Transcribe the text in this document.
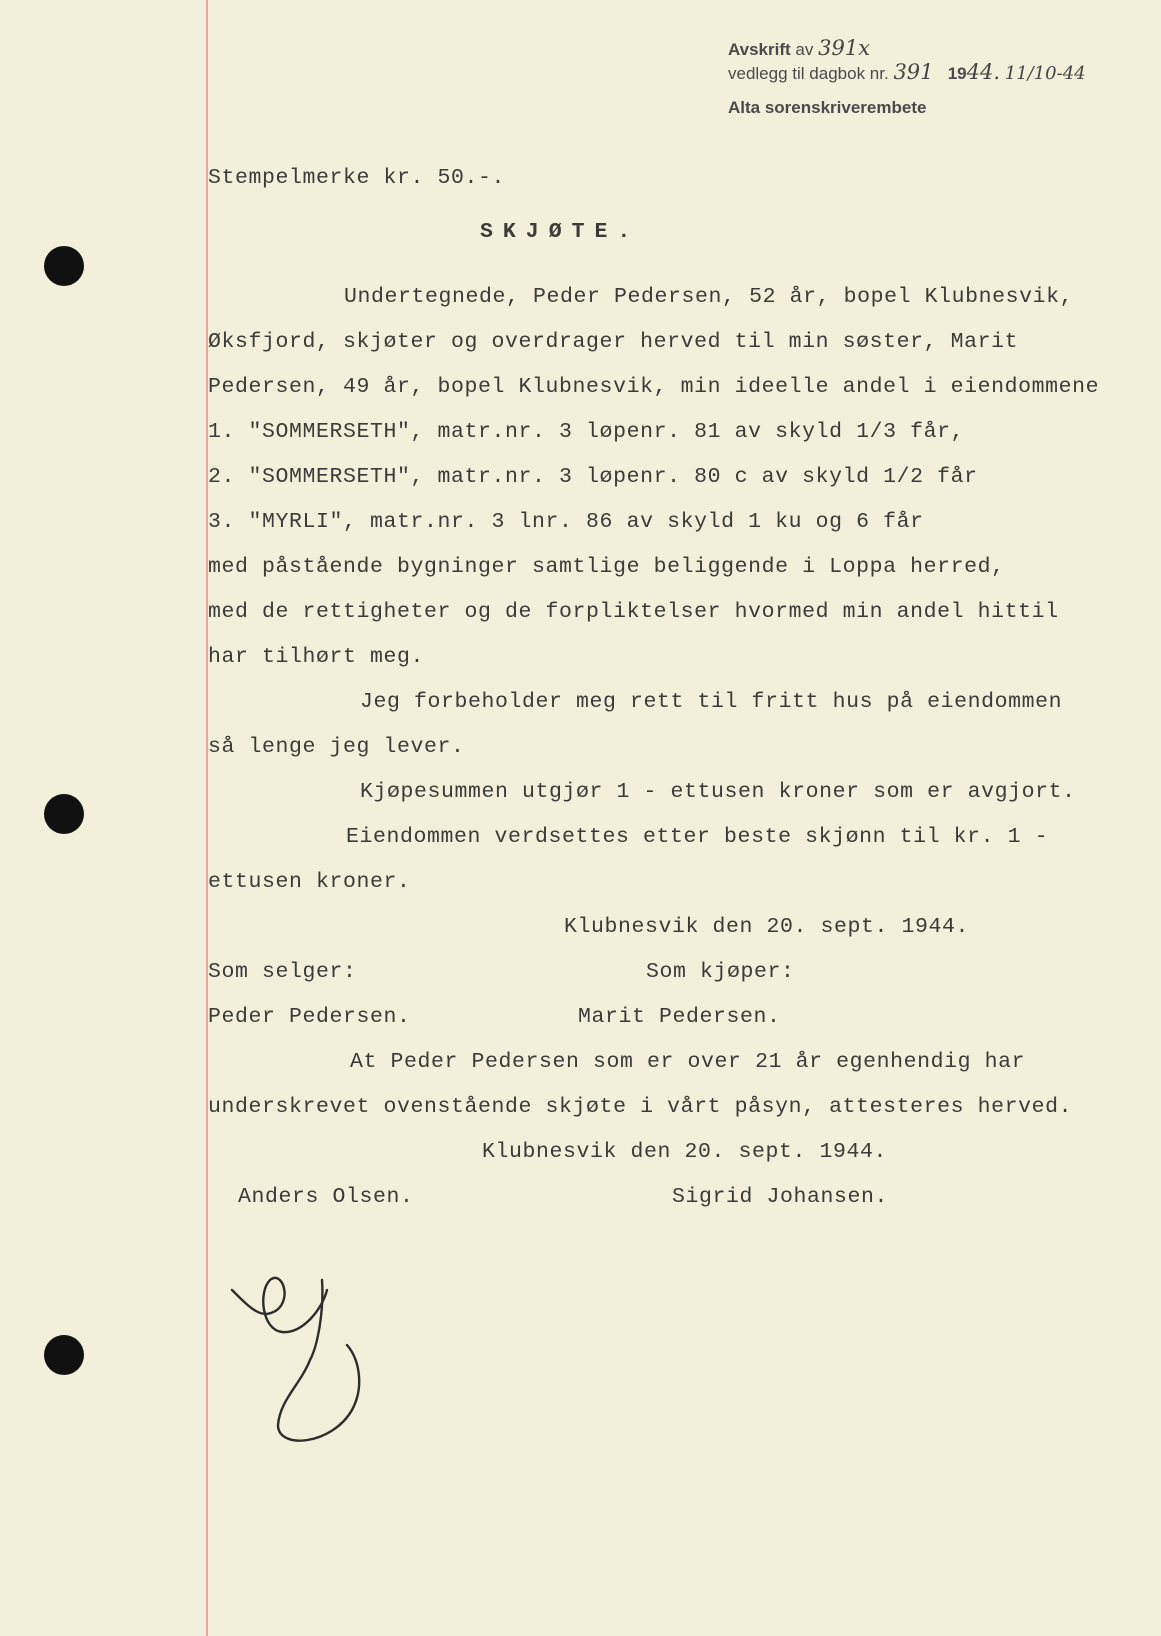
Avskrift av 391x
vedlegg til dagbok nr. 391 1944. 11/10-44
Alta sorenskriverembete
Stempelmerke kr. 50.-.
SKJØTE.
Undertegnede, Peder Pedersen, 52 år, bopel Klubnesvik,
Øksfjord, skjøter og overdrager herved til min søster, Marit
Pedersen, 49 år, bopel Klubnesvik, min ideelle andel i eiendommene
1. "SOMMERSETH", matr.nr. 3 løpenr. 81 av skyld 1/3 får,
2. "SOMMERSETH", matr.nr. 3 løpenr. 80 c av skyld 1/2 får
3. "MYRLI", matr.nr. 3 lnr. 86 av skyld 1 ku og 6 får
med påstående bygninger samtlige beliggende i Loppa herred,
med de rettigheter og de forpliktelser hvormed min andel hittil
har tilhørt meg.
Jeg forbeholder meg rett til fritt hus på eiendommen
så lenge jeg lever.
Kjøpesummen utgjør 1 - ettusen kroner som er avgjort.
Eiendommen verdsettes etter beste skjønn til kr. 1 -
ettusen kroner.
Klubnesvik den 20. sept. 1944.
Som selger:	Som kjøper:
Peder Pedersen.	Marit Pedersen.
At Peder Pedersen som er over 21 år egenhendig har
underskrevet ovenstående skjøte i vårt påsyn, attesteres herved.
Klubnesvik den 20. sept. 1944.
Anders Olsen.	Sigrid Johansen.
